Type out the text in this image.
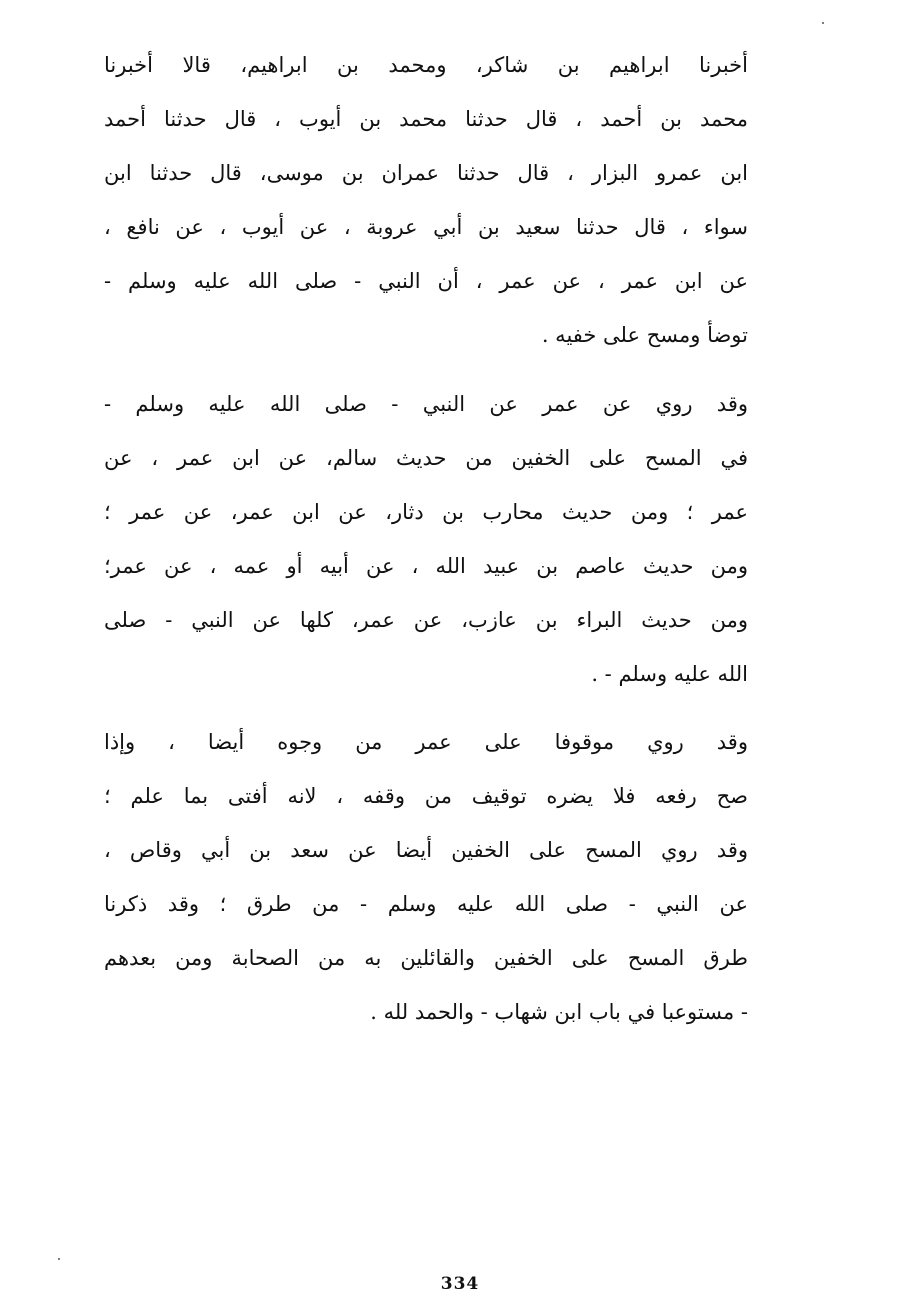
أخبرنا ابراهيم بن شاكر، ومحمد بن ابراهيم، قالا أخبرنا
محمد بن أحمد ، قال حدثنا محمد بن أيوب ، قال حدثنا أحمد
ابن عمرو البزار ، قال حدثنا عمران بن موسى، قال حدثنا ابن
سواء ، قال حدثنا سعيد بن أبي عروبة ، عن أيوب ، عن نافع ،
عن ابن عمر ، عن عمر ، أن النبي - صلى الله عليه وسلم -
توضأ ومسح على خفيه .
وقد روي عن عمر عن النبي - صلى الله عليه وسلم -
في المسح على الخفين من حديث سالم، عن ابن عمر ، عن
عمر ؛ ومن حديث محارب بن دثار، عن ابن عمر، عن عمر ؛
ومن حديث عاصم بن عبيد الله ، عن أبيه أو عمه ، عن عمر؛
ومن حديث البراء بن عازب، عن عمر، كلها عن النبي - صلى
الله عليه وسلم - .
وقد روي موقوفا على عمر من وجوه أيضا ، وإذا
صح رفعه فلا يضره توقيف من وقفه ، لانه أفتى بما علم ؛
وقد روي المسح على الخفين أيضا عن سعد بن أبي وقاص ،
عن النبي - صلى الله عليه وسلم - من طرق ؛ وقد ذكرنا
طرق المسح على الخفين والقائلين به من الصحابة ومن بعدهم
- مستوعبا في باب ابن شهاب - والحمد لله .
334
